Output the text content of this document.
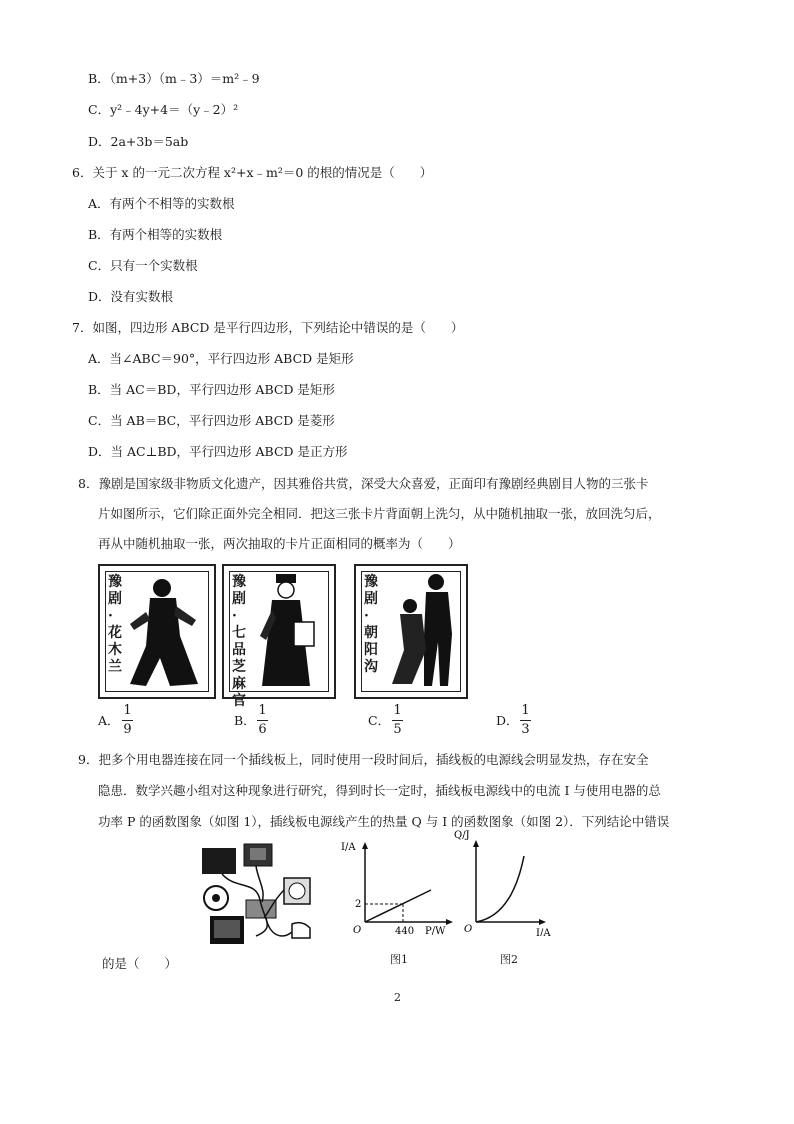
B．（m+3）（m﹣3）＝m²﹣9
C．y²﹣4y+4＝（y﹣2）²
D．2a+3b＝5ab
6．关于 x 的一元二次方程 x²+x﹣m²＝0 的根的情况是（　　）
A．有两个不相等的实数根
B．有两个相等的实数根
C．只有一个实数根
D．没有实数根
7．如图，四边形 ABCD 是平行四边形，下列结论中错误的是（　　）
A．当∠ABC＝90°，平行四边形 ABCD 是矩形
B．当 AC＝BD，平行四边形 ABCD 是矩形
C．当 AB＝BC，平行四边形 ABCD 是菱形
D．当 AC⊥BD，平行四边形 ABCD 是正方形
8．豫剧是国家级非物质文化遗产，因其雅俗共赏，深受大众喜爱，正面印有豫剧经典剧目人物的三张卡
片如图所示，它们除正面外完全相同．把这三张卡片背面朝上洗匀，从中随机抽取一张，放回洗匀后，
再从中随机抽取一张，两次抽取的卡片正面相同的概率为（　　）
豫剧·花木兰
豫剧·七品芝麻官
豫剧·朝阳沟
A．
1
9
B．
1
6
C．
1
5
D．
1
3
9．把多个用电器连接在同一个插线板上，同时使用一段时间后，插线板的电源线会明显发热，存在安全
隐患．数学兴趣小组对这种现象进行研究，得到时长一定时，插线板电源线中的电流 I 与使用电器的总
功率 P 的函数图象（如图 1），插线板电源线产生的热量 Q 与 I 的函数图象（如图 2）．下列结论中错误
I/A
O
2
440 P/W
图1
Q/J
O	I/A
图2
的是（　　）
2
